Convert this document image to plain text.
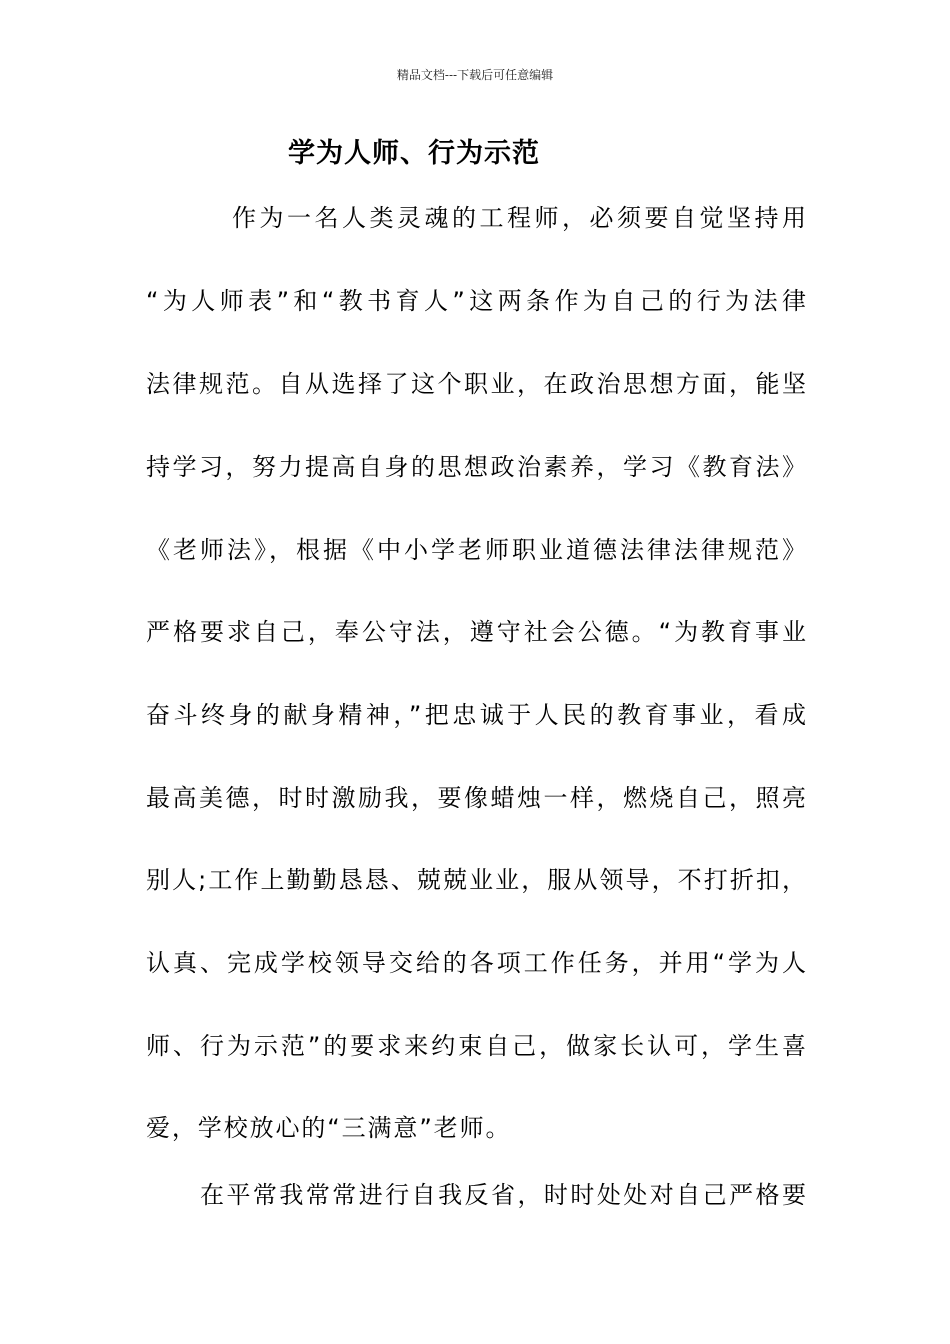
精品文档---下载后可任意编辑
学为人师、行为示范
作为一名人类灵魂的工程师，必须要自觉坚持用
“为人师表”和“教书育人”这两条作为自己的行为法律
法律规范。自从选择了这个职业，在政治思想方面，能坚
持学习，努力提高自身的思想政治素养，学习《教育法》
《老师法》，根据《中小学老师职业道德法律法律规范》
严格要求自己，奉公守法，遵守社会公德。“为教育事业
奋斗终身的献身精神，”把忠诚于人民的教育事业，看成
最高美德，时时激励我，要像蜡烛一样，燃烧自己，照亮
别人;工作上勤勤恳恳、兢兢业业，服从领导，不打折扣，
认真、完成学校领导交给的各项工作任务，并用“学为人
师、行为示范”的要求来约束自己，做家长认可，学生喜
爱，学校放心的“三满意”老师。
在平常我常常进行自我反省，时时处处对自己严格要
